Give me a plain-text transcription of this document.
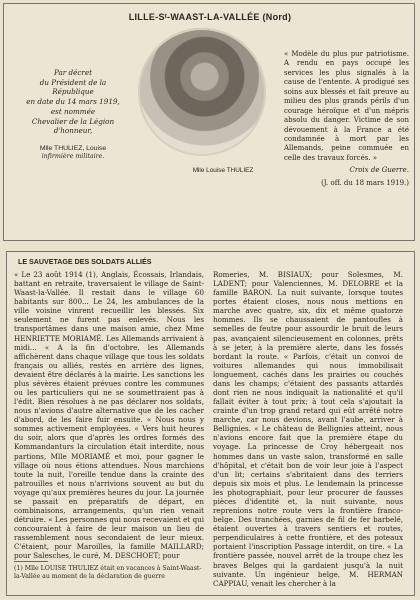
LILLE-Sᵗ-WAAST-LA-VALLÉE (Nord)
Par décret
du Président de la République
en date du 14 mars 1919,
est nommée
Chevalier de la Légion d'honneur,
Mlle THULIEZ, Louise
infirmière militaire.
Mlle Louise THULIEZ
« Modèle du plus pur patriotisme. A rendu en pays occupé les services les plus signalés à la cause de l'entente. A prodigué ses soins aux blessés et fait preuve au milieu des plus grands périls d'un courage héroïque et d'un mépris absolu du danger. Victime de son dévouement à la France a été condamnée à mort par les Allemands, peine commuée en celle des travaux forcés. »
Croix de Guerre.
(J. off. du 18 mars 1919.)
LE SAUVETAGE DES SOLDATS ALLIÉS

« Le 23 août 1914 (1), Anglais, Écossais, Irlandais, battant en retraite, traversaient le village de Saint-Waast-la-Vallée. Il restait dans le village 60 habitants sur 800... Le 24, les ambulances de la ville voisine vinrent recueillir les blessés. Six seulement ne furent pas enlevés. Nous les transportâmes dans une maison amie, chez Mme HENRIETTE MORIAMÉ. Les Allemands arrivaient à midi... « A la fin d'octobre, les Allemands affichèrent dans chaque village que tous les soldats français ou alliés, restés en arrière des lignes, devaient être déclarés à la mairie. Les sanctions les plus sévères étaient prévues contre les communes ou les particuliers qui ne se soumettraient pas à l'édit. Bien résolues à ne pas déclarer nos soldats, nous n'avions d'autre alternative que de les cacher d'abord, de les faire fuir ensuite. « Nous nous y sommes activement employées. « Vers huit heures du soir, alors que d'après les ordres formés des Kommandanturs la circulation était interdite, nous partions, Mlle MORIAMÉ et moi, pour gagner le village où nous étions attendues. Nous marchions toute la nuit, l'oreille tendue dans la crainte des patrouilles et nous n'arrivions souvent au but du voyage qu'aux premières heures du jour. La journée se passait en préparatifs de départ, en combinaisons, arrangements, qu'un rien venait détruire. « Les personnes qui nous recevaient et qui concouraient à faire de leur maison un lieu de rassemblement nous secondaient de leur mieux. C'étaient, pour Maroilles, la famille MAILLARD; pour Salesches, le curé, M. DESCHOET; pour

Romeries, M. BISIAUX; pour Solesmes, M. LADENT; pour Valenciennes, M. DELOBRE et la famille BARON. La nuit suivante, lorsque toutes portes étaient closes, nous nous mettions en marche avec quatre, six, dix et même quatorze hommes. Ils se chaussaient de pantoufles à semelles de feutre pour assourdir le bruit de leurs pas, avançaient silencieusement en colonnes, prêts à se jeter, à la première alerte, dans les fossés bordant la route. « Parfois, c'était un convoi de voitures allemandes qui nous immobilisait longuement, cachés dans les prairies ou couchés dans les champs; c'étaient des passants attardés dont rien ne nous indiquait la nationalité et qu'il fallait éviter à tout prix; à tout cela s'ajoutait la crainte d'un trop grand retard qui eût arrêté notre marche, car nous devions, avant l'aube, arriver à Bellignies. « Le château de Bellignies atteint, nous n'avions encore fait que la première étape du voyage. La princesse de Croy hébergeait nos hommes dans un vaste salon, transformé en salle d'hôpital, et c'était bon de voir leur joie à l'aspect d'un lit; certains s'abritaient dans des terriers depuis six mois et plus. Le lendemain la princesse les photographiait, pour leur procurer de fausses pièces d'identité et, la nuit suivante, nous reprenions notre route vers la frontière franco-belge. Des tranchées, garnies de fil de fer barbelé, étaient ouvertes à travers sentiers et routes, perpendiculaires à cette frontière, et des poteaux portaient l'inscription Passage interdit, on tire. « La frontière passée, nouvel arrêt de la troupe chez les braves Belges qui la gardaient jusqu'à la nuit suivante. Un ingénieur belge, M. HERMAN CAPPIAU, venait les chercher à la

(1) Mlle LOUISE THULIEZ était en vacances à Saint-Waast-la-Vallée au moment de la déclaration de guerre
